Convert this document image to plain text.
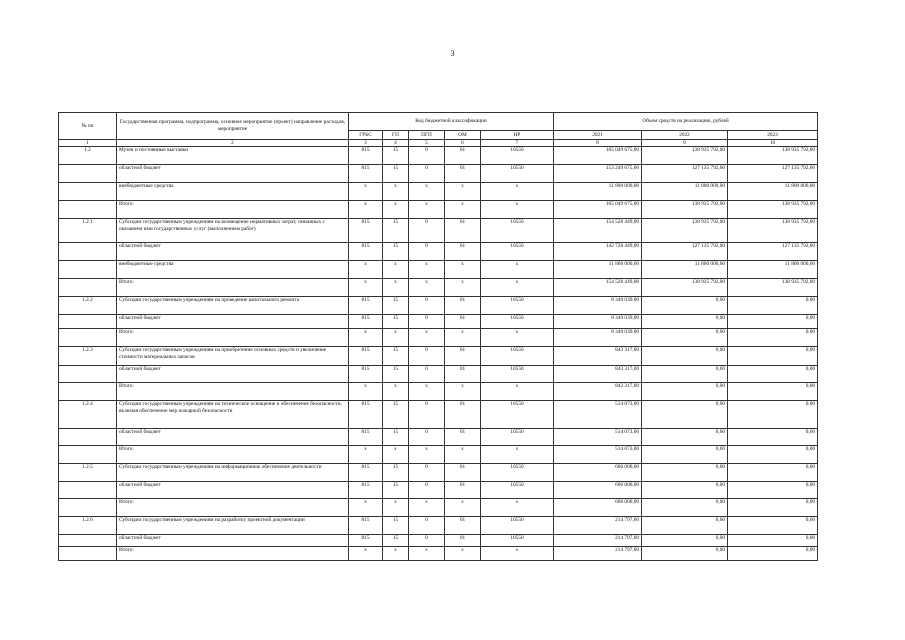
3
№ пп	Государственная программа, подпрограмма, основное мероприятие (проект) направление расходов, мероприятие	Код бюджетной классификации					Объем средств на реализацию, рублей		
		ГРБС	ГП	ПГП	ОМ	НР	2021	2022	2023
1	2	3	4	5	6	7	8	9	10
1.2	Музеи и постоянные выставки	815	15	0	01	10550	165 049 675,00	138 935 792,00	138 935 792,00
	областной бюджет	815	15	0	01	10550	153 249 675,00	127 135 792,00	127 135 792,00
	внебюджетные средства	х	х	х	х	х	11 800 000,00	11 800 000,00	11 800 000,00
	Итого:	х	х	х	х	х	165 049 675,00	138 935 792,00	138 935 792,00
1.2.1	Субсидии государственным учреждениям на возмещение нормативных затрат, связанных с оказанием ими государственных услуг (выполнением работ)	815	15	0	01	10550	154 528 449,00	138 935 792,00	138 935 792,00
	областной бюджет	815	15	0	01	10550	142 728 449,00	127 135 792,00	127 135 792,00
	внебюджетные средства	х	х	х	х	х	11 800 000,00	11 800 000,00	11 800 000,00
	Итого:	х	х	х	х	х	154 528 449,00	138 935 792,00	138 935 792,00
1.2.2	Субсидии государственным учреждениям на проведение капитального ремонта	815	15	0	01	10550	8 349 039,00	0,00	0,00
	областной бюджет	815	15	0	01	10550	8 349 039,00	0,00	0,00
	Итого:	х	х	х	х	х	8 349 039,00	0,00	0,00
1.2.3	Субсидии государственным учреждениям на приобретение основных средств и увеличение стоимости материальных запасов	815	15	0	01	10550	843 317,00	0,00	0,00
	областной бюджет	815	15	0	01	10550	843 317,00	0,00	0,00
	Итого:	х	х	х	х	х	843 317,00	0,00	0,00
1.2.4	Субсидии государственным учреждениям на техническое оснащение и обеспечение безопасности, включая обеспечение мер пожарной безопасности	815	15	0	01	10550	514 073,00	0,00	0,00
	областной бюджет	815	15	0	01	10550	514 073,00	0,00	0,00
	Итого:	х	х	х	х	х	514 073,00	0,00	0,00
1.2.5	Субсидии государственным учреждениям на информационное обеспечение деятельности	815	15	0	01	10550	600 000,00	0,00	0,00
	областной бюджет	815	15	0	01	10550	600 000,00	0,00	0,00
	Итого:	х	х	х	х	х	600 000,00	0,00	0,00
1.2.6	Субсидии государственным учреждениям на разработку проектной документации	815	15	0	01	10550	214 797,00	0,00	0,00
	областной бюджет	815	15	0	01	10550	214 797,00	0,00	0,00
	Итого:	х	х	х	х	х	214 797,00	0,00	0,00
